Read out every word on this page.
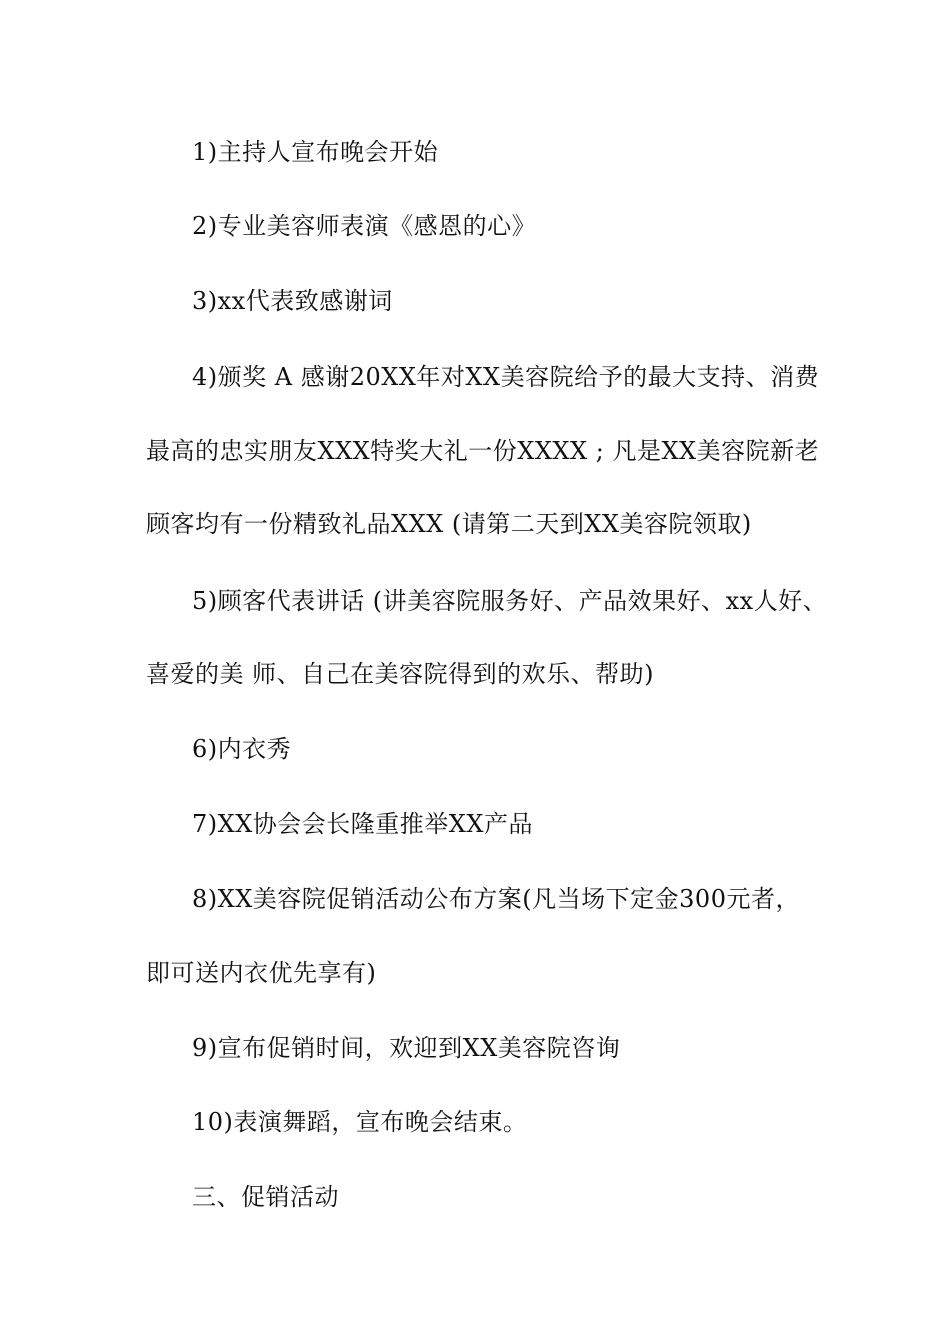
1)主持人宣布晚会开始
2)专业美容师表演《感恩的心》
3)xx代表致感谢词
4)颁奖 A 感谢20XX年对XX美容院给予的最大支持、消费
最高的忠实朋友XXX特奖大礼一份XXXX ; 凡是XX美容院新老
顾客均有一份精致礼品XXX (请第二天到XX美容院领取)
5)顾客代表讲话 (讲美容院服务好、产品效果好、xx人好、
喜爱的美 师、自己在美容院得到的欢乐、帮助)
6)内衣秀
7)XX协会会长隆重推举XX产品
8)XX美容院促销活动公布方案(凡当场下定金300元者，
即可送内衣优先享有)
9)宣布促销时间，欢迎到XX美容院咨询
10)表演舞蹈，宣布晚会结束。
三、促销活动
